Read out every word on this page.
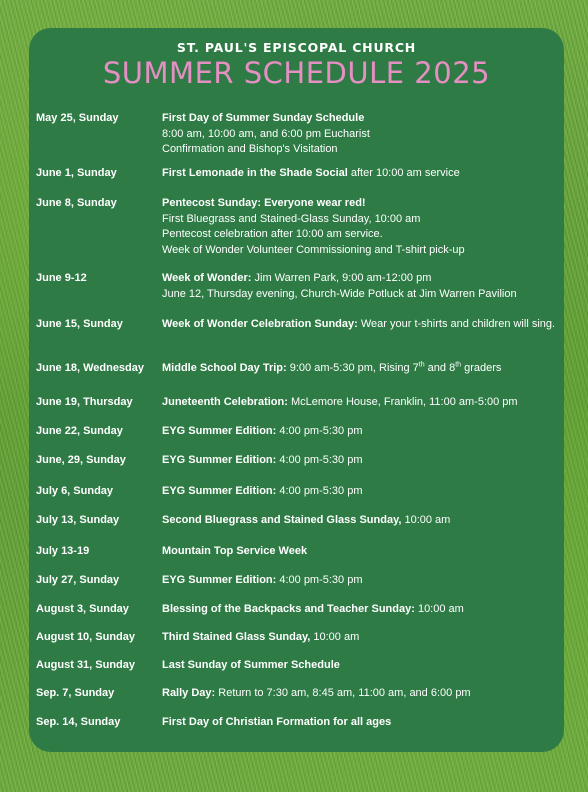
ST. PAUL'S EPISCOPAL CHURCH
SUMMER SCHEDULE 2025
May 25, Sunday	First Day of Summer Sunday Schedule
8:00 am, 10:00 am, and 6:00 pm Eucharist
Confirmation and Bishop's Visitation
June 1, Sunday	First Lemonade in the Shade Social after 10:00 am service
June 8, Sunday	Pentecost Sunday: Everyone wear red!
First Bluegrass and Stained-Glass Sunday, 10:00 am
Pentecost celebration after 10:00 am service.
Week of Wonder Volunteer Commissioning and T-shirt pick-up
June 9-12	Week of Wonder: Jim Warren Park, 9:00 am-12:00 pm
June 12, Thursday evening, Church-Wide Potluck at Jim Warren Pavilion
June 15, Sunday	Week of Wonder Celebration Sunday: Wear your t-shirts and children will sing.
June 18, Wednesday Middle School Day Trip: 9:00 am-5:30 pm, Rising 7th and 8th graders
June 19, Thursday	Juneteenth Celebration: McLemore House, Franklin, 11:00 am-5:00 pm
June 22, Sunday	EYG Summer Edition: 4:00 pm-5:30 pm
June, 29, Sunday	EYG Summer Edition: 4:00 pm-5:30 pm
July 6, Sunday	EYG Summer Edition: 4:00 pm-5:30 pm
July 13, Sunday	Second Bluegrass and Stained Glass Sunday, 10:00 am
July 13-19	Mountain Top Service Week
July 27, Sunday	EYG Summer Edition: 4:00 pm-5:30 pm
August 3, Sunday	Blessing of the Backpacks and Teacher Sunday: 10:00 am
August 10, Sunday Third Stained Glass Sunday, 10:00 am
August 31, Sunday Last Sunday of Summer Schedule
Sep. 7, Sunday	Rally Day: Return to 7:30 am, 8:45 am, 11:00 am, and 6:00 pm
Sep. 14, Sunday	First Day of Christian Formation for all ages
